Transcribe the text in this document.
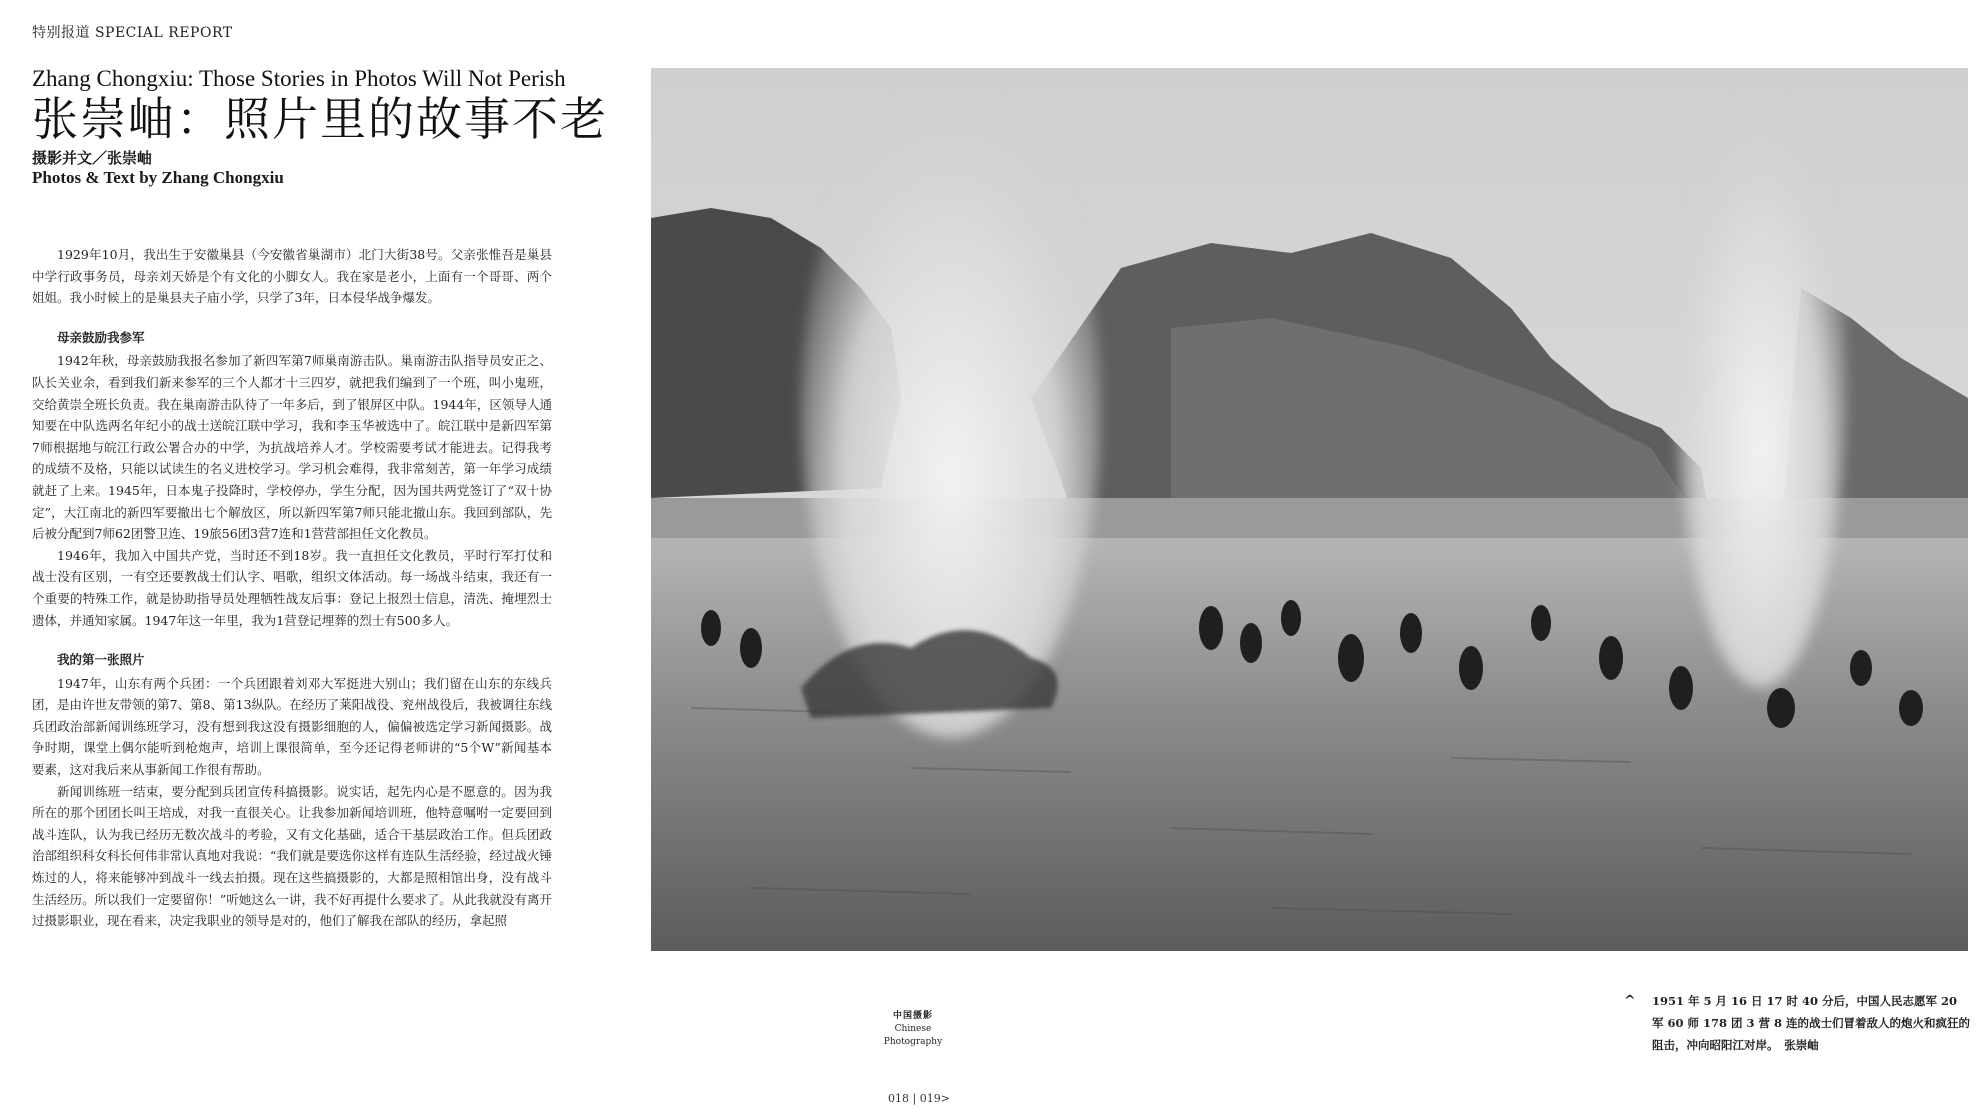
特别报道 SPECIAL REPORT
Zhang Chongxiu: Those Stories in Photos Will Not Perish
张崇岫：照片里的故事不老
摄影并文／张崇岫
Photos & Text by Zhang Chongxiu

1929年10月，我出生于安徽巢县（今安徽省巢湖市）北门大街38号。父亲张惟吾是巢县中学行政事务员，母亲刘天娇是个有文化的小脚女人。我在家是老小，上面有一个哥哥、两个姐姐。我小时候上的是巢县夫子庙小学，只学了3年，日本侵华战争爆发。

母亲鼓励我参军

1942年秋，母亲鼓励我报名参加了新四军第7师巢南游击队。巢南游击队指导员安正之、队长关业余，看到我们新来参军的三个人都才十三四岁，就把我们编到了一个班，叫小鬼班，交给黄崇全班长负责。我在巢南游击队待了一年多后，到了银屏区中队。1944年，区领导人通知要在中队选两名年纪小的战士送皖江联中学习，我和李玉华被选中了。皖江联中是新四军第7师根据地与皖江行政公署合办的中学，为抗战培养人才。学校需要考试才能进去。记得我考的成绩不及格，只能以试读生的名义进校学习。学习机会难得，我非常刻苦，第一年学习成绩就赶了上来。1945年，日本鬼子投降时，学校停办，学生分配，因为国共两党签订了“双十协定”，大江南北的新四军要撤出七个解放区，所以新四军第7师只能北撤山东。我回到部队，先后被分配到7师62团警卫连、19旅56团3营7连和1营营部担任文化教员。

1946年，我加入中国共产党，当时还不到18岁。我一直担任文化教员，平时行军打仗和战士没有区别，一有空还要教战士们认字、唱歌，组织文体活动。每一场战斗结束，我还有一个重要的特殊工作，就是协助指导员处理牺牲战友后事：登记上报烈士信息，清洗、掩埋烈士遗体，并通知家属。1947年这一年里，我为1营登记埋葬的烈士有500多人。

我的第一张照片

1947年，山东有两个兵团：一个兵团跟着刘邓大军挺进大别山；我们留在山东的东线兵团，是由许世友带领的第7、第8、第13纵队。在经历了莱阳战役、兖州战役后，我被调往东线兵团政治部新闻训练班学习，没有想到我这没有摄影细胞的人，偏偏被选定学习新闻摄影。战争时期，课堂上偶尔能听到枪炮声，培训上课很简单，至今还记得老师讲的“5个W”新闻基本要素，这对我后来从事新闻工作很有帮助。

新闻训练班一结束，要分配到兵团宣传科搞摄影。说实话，起先内心是不愿意的。因为我所在的那个团团长叫王培成，对我一直很关心。让我参加新闻培训班，他特意嘱咐一定要回到战斗连队，认为我已经历无数次战斗的考验，又有文化基础，适合干基层政治工作。但兵团政治部组织科女科长何伟非常认真地对我说：“我们就是要选你这样有连队生活经验，经过战火锤炼过的人，将来能够冲到战斗一线去拍摄。现在这些搞摄影的，大都是照相馆出身，没有战斗生活经历。所以我们一定要留你！”听她这么一讲，我不好再提什么要求了。从此我就没有离开过摄影职业，现在看来，决定我职业的领导是对的，他们了解我在部队的经历，拿起照

中国摄影
Chinese
Photography
018 | 019>
^ 1951 年 5 月 16 日 17 时 40 分后，中国人民志愿军 20 军 60 师 178 团 3 营 8 连的战士们冒着敌人的炮火和疯狂的阻击，冲向昭阳江对岸。　张崇岫
